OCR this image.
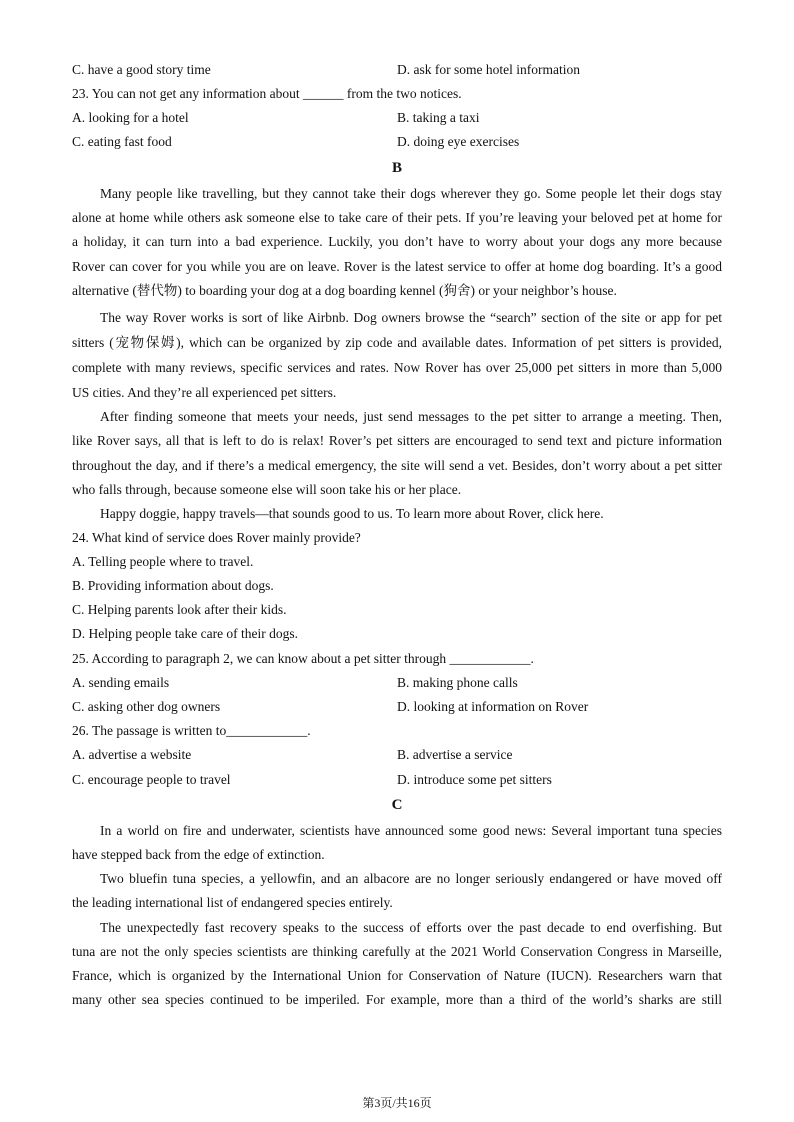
C. have a good story time	D. ask for some hotel information
23. You can not get any information about ______ from the two notices.
A. looking for a hotel	B. taking a taxi
C. eating fast food	D. doing eye exercises
B
Many people like travelling, but they cannot take their dogs wherever they go. Some people let their dogs stay
alone at home while others ask someone else to take care of their pets. If you’re leaving your beloved pet at home for
a holiday, it can turn into a bad experience. Luckily, you don’t have to worry about your dogs any more because
Rover can cover for you while you are on leave. Rover is the latest service to offer at home dog boarding. It’s a good
alternative (替代物) to boarding your dog at a dog boarding kennel (狗舍) or your neighbor’s house.
The way Rover works is sort of like Airbnb. Dog owners browse the “search” section of the site or app for pet
sitters (宠物保姆), which can be organized by zip code and available dates. Information of pet sitters is provided,
complete with many reviews, specific services and rates. Now Rover has over 25,000 pet sitters in more than 5,000
US cities. And they’re all experienced pet sitters.
After finding someone that meets your needs, just send messages to the pet sitter to arrange a meeting. Then,
like Rover says, all that is left to do is relax! Rover’s pet sitters are encouraged to send text and picture information
throughout the day, and if there’s a medical emergency, the site will send a vet. Besides, don’t worry about a pet sitter
who falls through, because someone else will soon take his or her place.
Happy doggie, happy travels—that sounds good to us. To learn more about Rover, click here.
24. What kind of service does Rover mainly provide?
A. Telling people where to travel.
B. Providing information about dogs.
C. Helping parents look after their kids.
D. Helping people take care of their dogs.
25. According to paragraph 2, we can know about a pet sitter through ____________.
A. sending emails	B. making phone calls
C. asking other dog owners	D. looking at information on Rover
26. The passage is written to____________.
A. advertise a website	B. advertise a service
C. encourage people to travel	D. introduce some pet sitters
C
In a world on fire and underwater, scientists have announced some good news: Several important tuna species
have stepped back from the edge of extinction.
Two bluefin tuna species, a yellowfin, and an albacore are no longer seriously endangered or have moved off
the leading international list of endangered species entirely.
The unexpectedly fast recovery speaks to the success of efforts over the past decade to end overfishing. But
tuna are not the only species scientists are thinking carefully at the 2021 World Conservation Congress in Marseille,
France, which is organized by the International Union for Conservation of Nature (IUCN). Researchers warn that
many other sea species continued to be imperiled. For example, more than a third of the world’s sharks are still
第3页/共16页
